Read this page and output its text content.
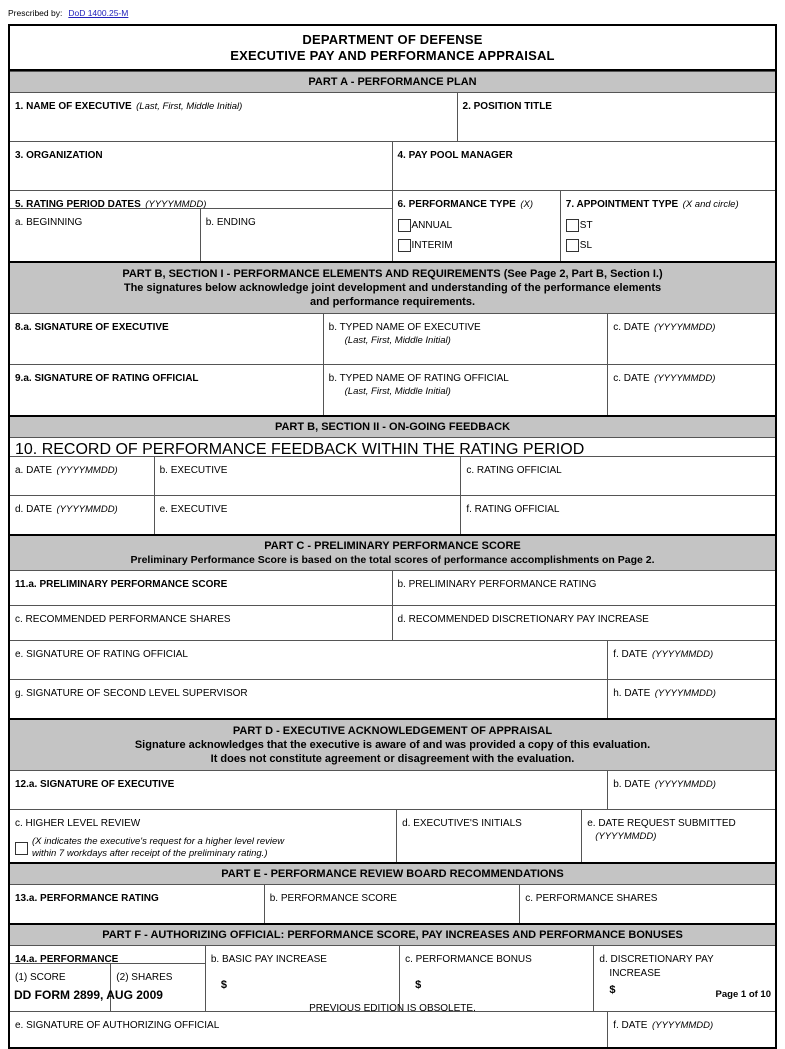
Prescribed by: DoD 1400.25-M
DEPARTMENT OF DEFENSE
EXECUTIVE PAY AND PERFORMANCE APPRAISAL
PART A - PERFORMANCE PLAN
1. NAME OF EXECUTIVE (Last, First, Middle Initial)	2. POSITION TITLE
3. ORGANIZATION	4. PAY POOL MANAGER
5. RATING PERIOD DATES (YYYYMMDD)
a. BEGINNING	b. ENDING
6. PERFORMANCE TYPE (X)
ANNUAL
INTERIM
7. APPOINTMENT TYPE (X and circle)
ST
SL
PART B, SECTION I - PERFORMANCE ELEMENTS AND REQUIREMENTS (See Page 2, Part B, Section I.)
The signatures below acknowledge joint development and understanding of the performance elements
and performance requirements.
8.a. SIGNATURE OF EXECUTIVE	b. TYPED NAME OF EXECUTIVE
(Last, First, Middle Initial)
c. DATE (YYYYMMDD)
9.a. SIGNATURE OF RATING OFFICIAL	b. TYPED NAME OF RATING OFFICIAL
(Last, First, Middle Initial)
c. DATE (YYYYMMDD)
PART B, SECTION II - ON-GOING FEEDBACK
10. RECORD OF PERFORMANCE FEEDBACK WITHIN THE RATING PERIOD
a. DATE (YYYYMMDD)	b. EXECUTIVE	c. RATING OFFICIAL
d. DATE (YYYYMMDD)	e. EXECUTIVE	f. RATING OFFICIAL
PART C - PRELIMINARY PERFORMANCE SCORE
Preliminary Performance Score is based on the total scores of performance accomplishments on Page 2.
11.a. PRELIMINARY PERFORMANCE SCORE	b. PRELIMINARY PERFORMANCE RATING
c. RECOMMENDED PERFORMANCE SHARES	d. RECOMMENDED DISCRETIONARY PAY INCREASE
e. SIGNATURE OF RATING OFFICIAL	f. DATE (YYYYMMDD)
g. SIGNATURE OF SECOND LEVEL SUPERVISOR	h. DATE (YYYYMMDD)
PART D - EXECUTIVE ACKNOWLEDGEMENT OF APPRAISAL
Signature acknowledges that the executive is aware of and was provided a copy of this evaluation.
It does not constitute agreement or disagreement with the evaluation.
12.a. SIGNATURE OF EXECUTIVE	b. DATE (YYYYMMDD)
c. HIGHER LEVEL REVIEW
(X indicates the executive's request for a higher level review
within 7 workdays after receipt of the preliminary rating.)
d. EXECUTIVE'S INITIALS	e. DATE REQUEST SUBMITTED
(YYYYMMDD)
PART E - PERFORMANCE REVIEW BOARD RECOMMENDATIONS
13.a. PERFORMANCE RATING	b. PERFORMANCE SCORE	c. PERFORMANCE SHARES
PART F - AUTHORIZING OFFICIAL: PERFORMANCE SCORE, PAY INCREASES AND PERFORMANCE BONUSES
14.a. PERFORMANCE
(1) SCORE	(2) SHARES
b. BASIC PAY INCREASE
$
c. PERFORMANCE BONUS
$
d. DISCRETIONARY PAY
INCREASE
$
e. SIGNATURE OF AUTHORIZING OFFICIAL	f. DATE (YYYYMMDD)
DD FORM 2899, AUG 2009
PREVIOUS EDITION IS OBSOLETE.
Page 1 of 10
